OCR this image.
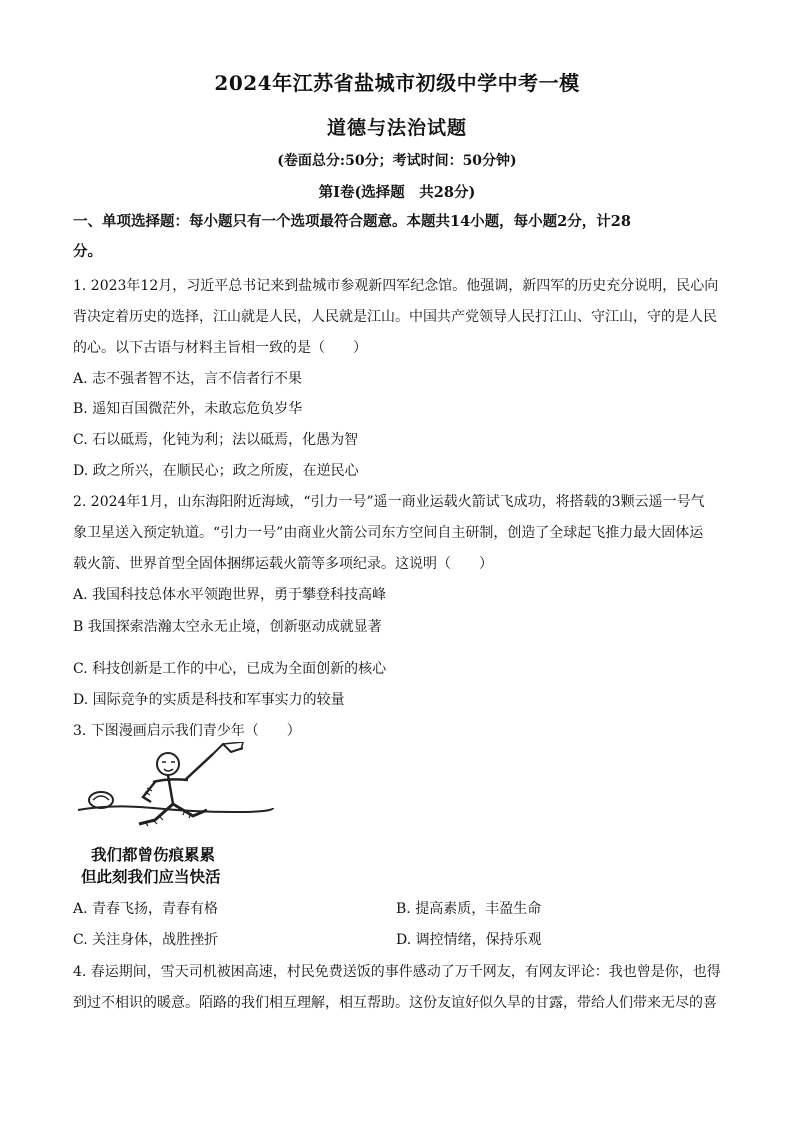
2024年江苏省盐城市初级中学中考一模
道德与法治试题
(卷面总分:50分；考试时间：50分钟)
第Ⅰ卷(选择题　共28分)
一、单项选择题：每小题只有一个选项最符合题意。本题共14小题，每小题2分，计28
分。
1. 2023年12月，习近平总书记来到盐城市参观新四军纪念馆。他强调，新四军的历史充分说明，民心向
背决定着历史的选择，江山就是人民，人民就是江山。中国共产党领导人民打江山、守江山，守的是人民
的心。以下古语与材料主旨相一致的是（　　）
A. 志不强者智不达，言不信者行不果
B. 遥知百国微茫外，未敢忘危负岁华
C. 石以砥焉，化钝为利；法以砥焉，化愚为智
D. 政之所兴，在顺民心；政之所废，在逆民心
2. 2024年1月，山东海阳附近海域，“引力一号”遥一商业运载火箭试飞成功，将搭载的3颗云遥一号气
象卫星送入预定轨道。“引力一号”由商业火箭公司东方空间自主研制，创造了全球起飞推力最大固体运
载火箭、世界首型全固体捆绑运载火箭等多项纪录。这说明（　　）
A. 我国科技总体水平领跑世界，勇于攀登科技高峰
B 我国探索浩瀚太空永无止境，创新驱动成就显著
C. 科技创新是工作的中心，已成为全面创新的核心
D. 国际竞争的实质是科技和军事实力的较量
3. 下图漫画启示我们青少年（　　）
我们都曾伤痕累累
但此刻我们应当快活
A. 青春飞扬，青春有格	B. 提高素质，丰盈生命
C. 关注身体，战胜挫折	D. 调控情绪，保持乐观
4. 春运期间，雪天司机被困高速，村民免费送饭的事件感动了万千网友，有网友评论：我也曾是你，也得
到过不相识的暖意。陌路的我们相互理解，相互帮助。这份友谊好似久旱的甘露，带给人们带来无尽的喜
